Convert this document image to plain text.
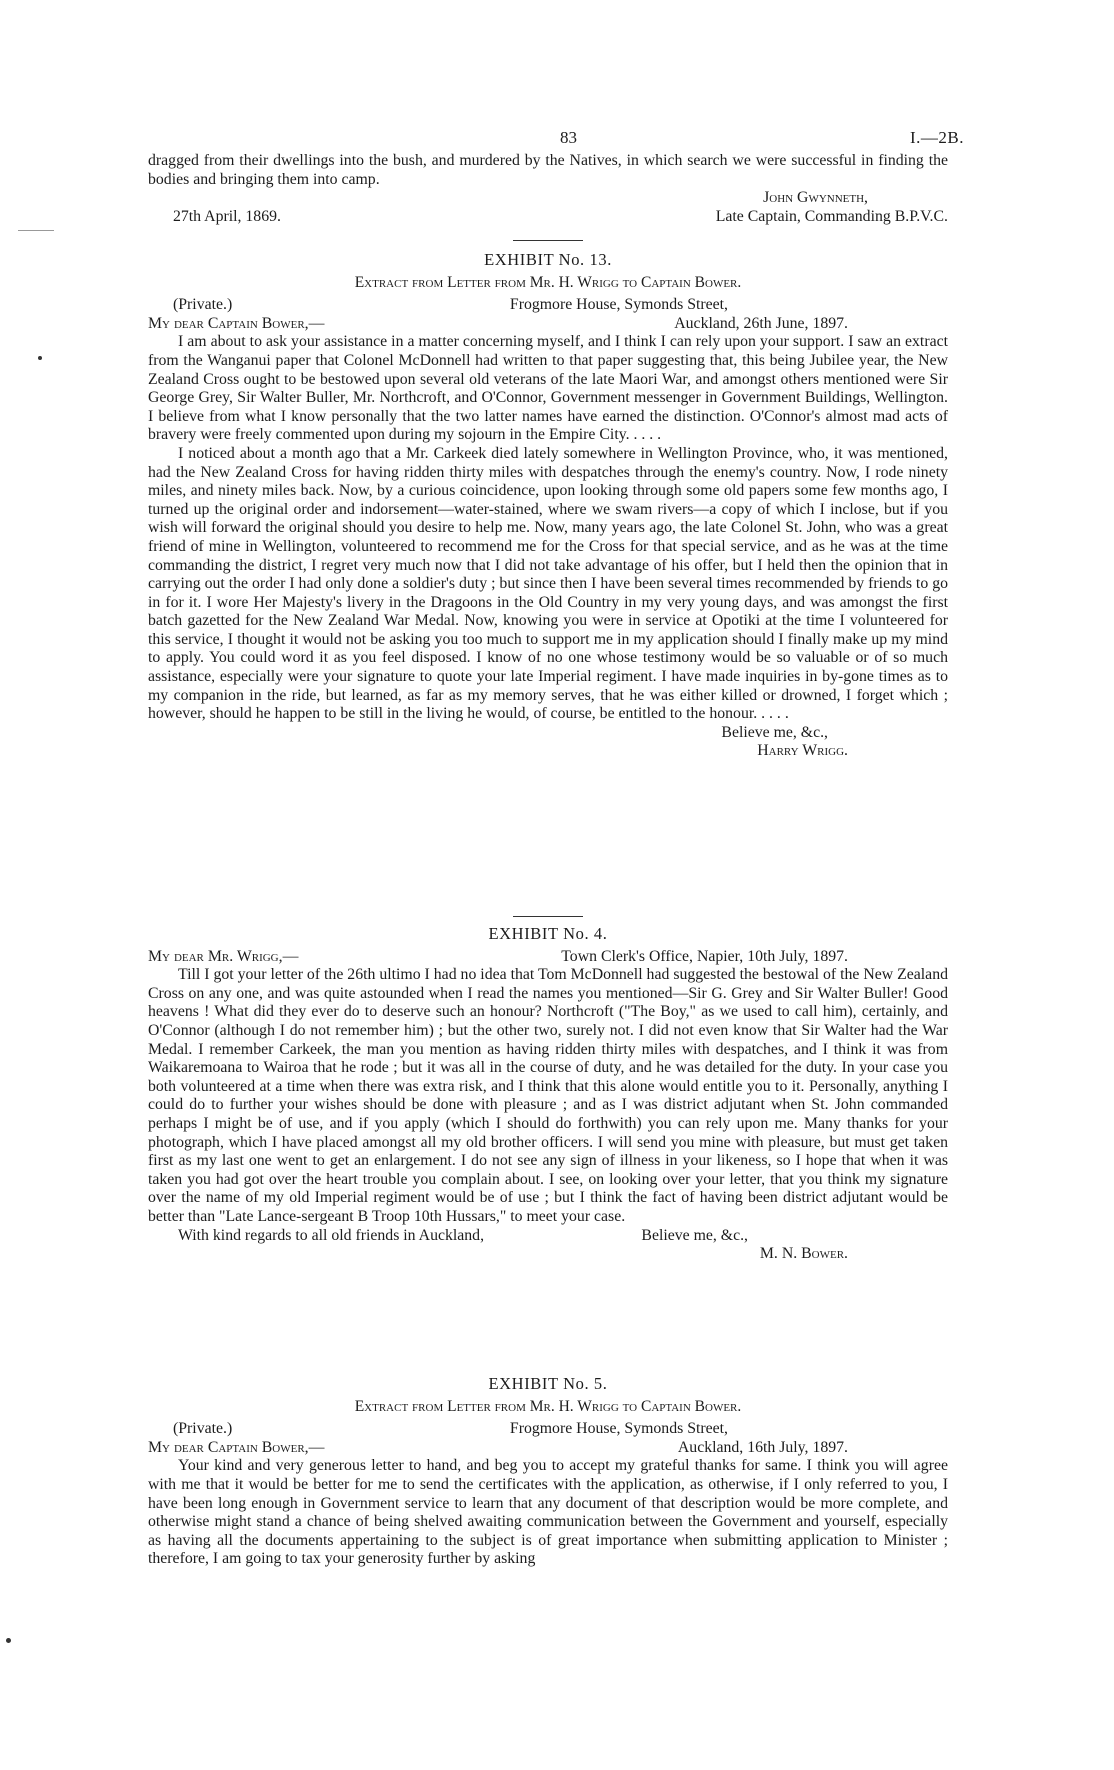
83	I.—2B.

dragged from their dwellings into the bush, and murdered by the Natives, in which search we were successful in finding the bodies and bringing them into camp.

John Gwynneth,
27th April, 1869.	Late Captain, Commanding B.P.V.C.
EXHIBIT No. 13.
Extract from Letter from Mr. H. Wrigg to Captain Bower.
(Private.)	Frogmore House, Symonds Street,
My dear Captain Bower,—	Auckland, 26th June, 1897.

I am about to ask your assistance in a matter concerning myself, and I think I can rely upon your support. I saw an extract from the Wanganui paper that Colonel McDonnell had written to that paper suggesting that, this being Jubilee year, the New Zealand Cross ought to be bestowed upon several old veterans of the late Maori War, and amongst others mentioned were Sir George Grey, Sir Walter Buller, Mr. Northcroft, and O'Connor, Government messenger in Government Buildings, Wellington. I believe from what I know personally that the two latter names have earned the distinction. O'Connor's almost mad acts of bravery were freely commented upon during my sojourn in the Empire City. . . . .

I noticed about a month ago that a Mr. Carkeek died lately somewhere in Wellington Province, who, it was mentioned, had the New Zealand Cross for having ridden thirty miles with despatches through the enemy's country. Now, I rode ninety miles, and ninety miles back. Now, by a curious coincidence, upon looking through some old papers some few months ago, I turned up the original order and indorsement—water-stained, where we swam rivers—a copy of which I inclose, but if you wish will forward the original should you desire to help me. Now, many years ago, the late Colonel St. John, who was a great friend of mine in Wellington, volunteered to recommend me for the Cross for that special service, and as he was at the time commanding the district, I regret very much now that I did not take advantage of his offer, but I held then the opinion that in carrying out the order I had only done a soldier's duty ; but since then I have been several times recommended by friends to go in for it. I wore Her Majesty's livery in the Dragoons in the Old Country in my very young days, and was amongst the first batch gazetted for the New Zealand War Medal. Now, knowing you were in service at Opotiki at the time I volunteered for this service, I thought it would not be asking you too much to support me in my application should I finally make up my mind to apply. You could word it as you feel disposed. I know of no one whose testimony would be so valuable or of so much assistance, especially were your signature to quote your late Imperial regiment. I have made inquiries in by-gone times as to my companion in the ride, but learned, as far as my memory serves, that he was either killed or drowned, I forget which ; however, should he happen to be still in the living he would, of course, be entitled to the honour. . . . .

Believe me, &c.,
Harry Wrigg.
EXHIBIT No. 4.
My dear Mr. Wrigg,—	Town Clerk's Office, Napier, 10th July, 1897.

Till I got your letter of the 26th ultimo I had no idea that Tom McDonnell had suggested the bestowal of the New Zealand Cross on any one, and was quite astounded when I read the names you mentioned—Sir G. Grey and Sir Walter Buller! Good heavens ! What did they ever do to deserve such an honour? Northcroft ("The Boy," as we used to call him), certainly, and O'Connor (although I do not remember him) ; but the other two, surely not. I did not even know that Sir Walter had the War Medal. I remember Carkeek, the man you mention as having ridden thirty miles with despatches, and I think it was from Waikaremoana to Wairoa that he rode ; but it was all in the course of duty, and he was detailed for the duty. In your case you both volunteered at a time when there was extra risk, and I think that this alone would entitle you to it. Personally, anything I could do to further your wishes should be done with pleasure ; and as I was district adjutant when St. John commanded perhaps I might be of use, and if you apply (which I should do forthwith) you can rely upon me. Many thanks for your photograph, which I have placed amongst all my old brother officers. I will send you mine with pleasure, but must get taken first as my last one went to get an enlargement. I do not see any sign of illness in your likeness, so I hope that when it was taken you had got over the heart trouble you complain about. I see, on looking over your letter, that you think my signature over the name of my old Imperial regiment would be of use ; but I think the fact of having been district adjutant would be better than "Late Lance-sergeant B Troop 10th Hussars," to meet your case.

With kind regards to all old friends in Auckland,	Believe me, &c.,
M. N. Bower.
EXHIBIT No. 5.
Extract from Letter from Mr. H. Wrigg to Captain Bower.
(Private.)	Frogmore House, Symonds Street,
My dear Captain Bower,—	Auckland, 16th July, 1897.

Your kind and very generous letter to hand, and beg you to accept my grateful thanks for same. I think you will agree with me that it would be better for me to send the certificates with the application, as otherwise, if I only referred to you, I have been long enough in Government service to learn that any document of that description would be more complete, and otherwise might stand a chance of being shelved awaiting communication between the Government and yourself, especially as having all the documents appertaining to the subject is of great importance when submitting application to Minister ; therefore, I am going to tax your generosity further by asking
